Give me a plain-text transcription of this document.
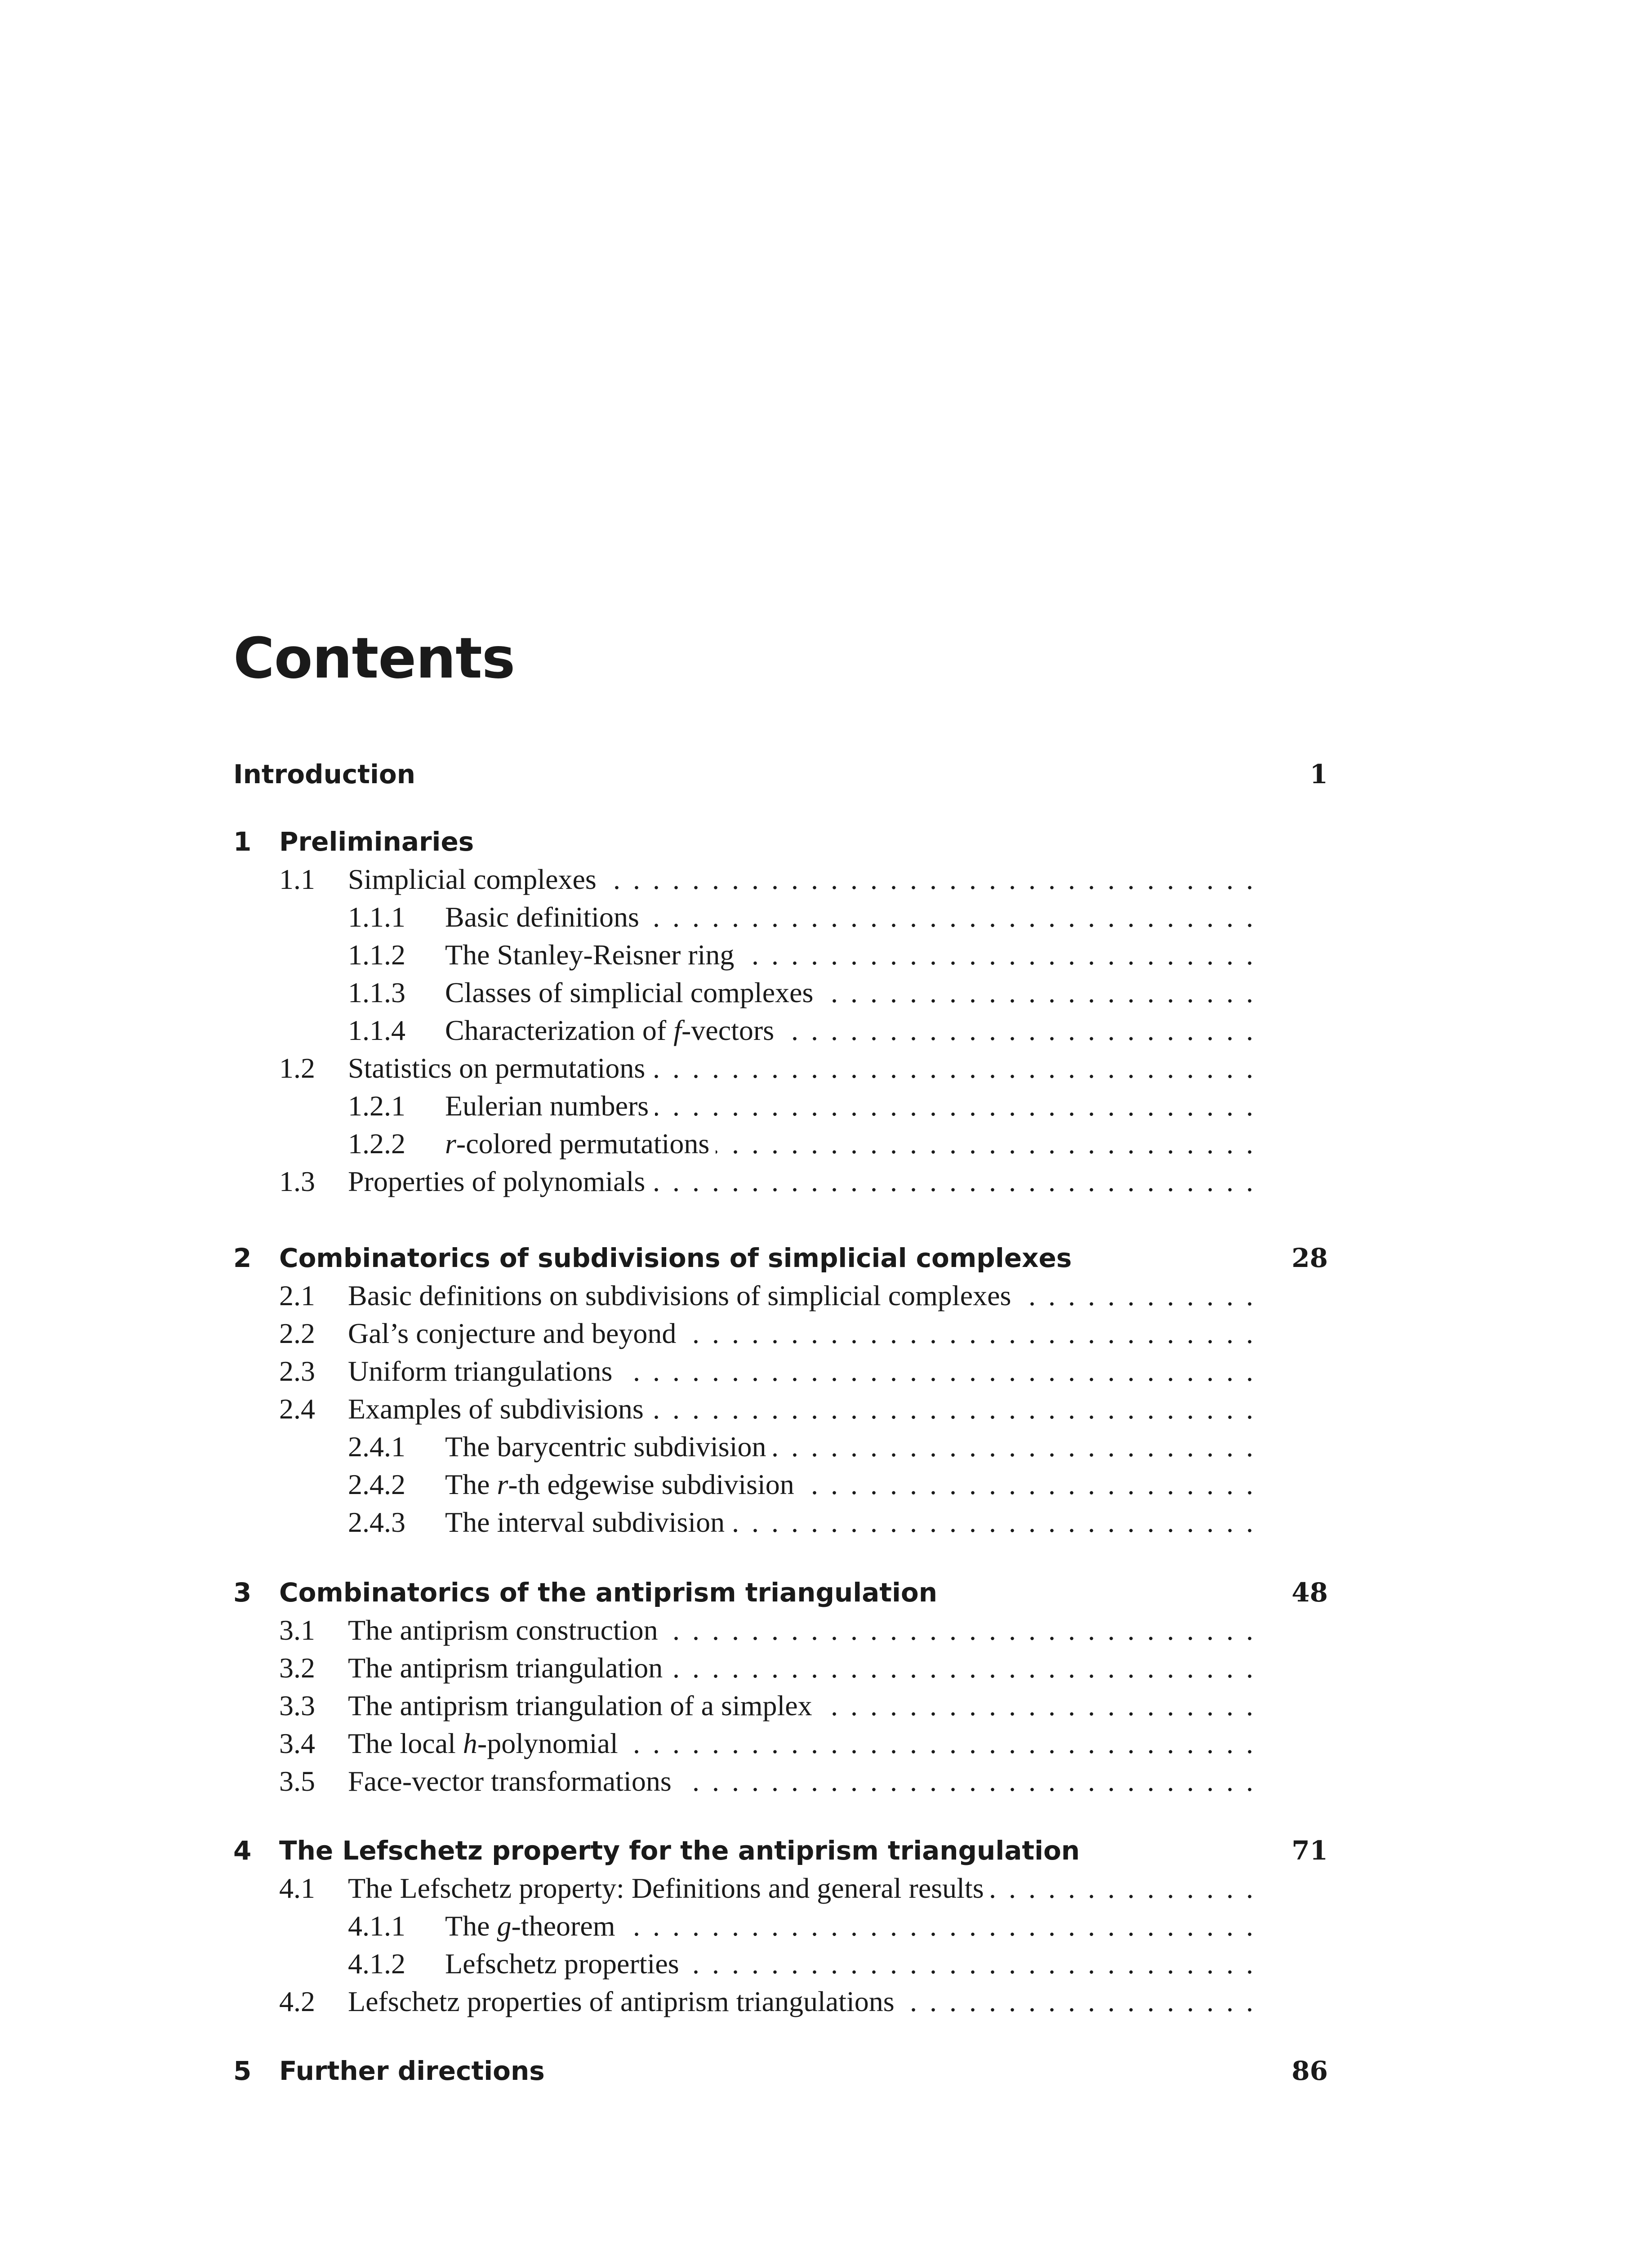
Contents
Introduction	1
1 Preliminaries
1.1 Simplicial complexes . . .
1.1.1 Basic definitions . . .
1.1.2 The Stanley-Reisner ring . . .
1.1.3 Classes of simplicial complexes . . .
1.1.4 Characterization of f-vectors . . .
1.2 Statistics on permutations . . .
1.2.1 Eulerian numbers . . .
1.2.2 r-colored permutations . . .
1.3 Properties of polynomials . . .
2 Combinatorics of subdivisions of simplicial complexes	28
2.1 Basic definitions on subdivisions of simplicial complexes . . .
2.2 Gal’s conjecture and beyond . . .
2.3 Uniform triangulations . . .
2.4 Examples of subdivisions . . .
2.4.1 The barycentric subdivision . . .
2.4.2 The r-th edgewise subdivision . . .
2.4.3 The interval subdivision . . .
3 Combinatorics of the antiprism triangulation	48
3.1 The antiprism construction . . .
3.2 The antiprism triangulation . . .
3.3 The antiprism triangulation of a simplex . . .
3.4 The local h-polynomial . . .
3.5 Face-vector transformations . . .
4 The Lefschetz property for the antiprism triangulation	71
4.1 The Lefschetz property: Definitions and general results . . .
4.1.1 The g-theorem . . .
4.1.2 Lefschetz properties . . .
4.2 Lefschetz properties of antiprism triangulations . . .
5 Further directions	86
